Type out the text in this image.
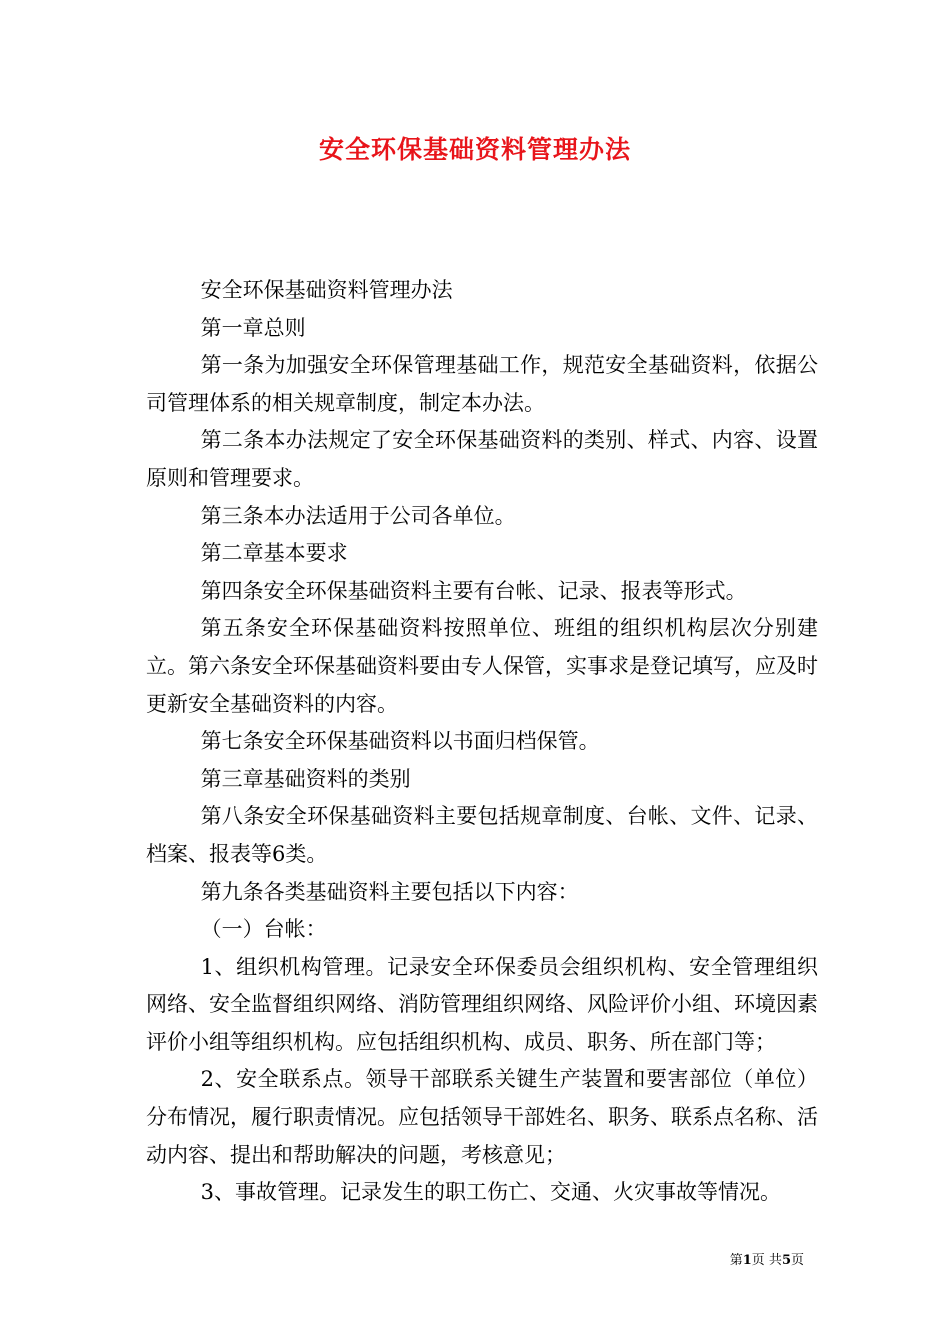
安全环保基础资料管理办法

安全环保基础资料管理办法

第一章总则

第一条为加强安全环保管理基础工作，规范安全基础资料，依据公司管理体系的相关规章制度，制定本办法。

第二条本办法规定了安全环保基础资料的类别、样式、内容、设置原则和管理要求。

第三条本办法适用于公司各单位。

第二章基本要求

第四条安全环保基础资料主要有台帐、记录、报表等形式。

第五条安全环保基础资料按照单位、班组的组织机构层次分别建立。第六条安全环保基础资料要由专人保管，实事求是登记填写，应及时更新安全基础资料的内容。

第七条安全环保基础资料以书面归档保管。

第三章基础资料的类别

第八条安全环保基础资料主要包括规章制度、台帐、文件、记录、档案、报表等6类。

第九条各类基础资料主要包括以下内容：

（一）台帐：

1、组织机构管理。记录安全环保委员会组织机构、安全管理组织网络、安全监督组织网络、消防管理组织网络、风险评价小组、环境因素评价小组等组织机构。应包括组织机构、成员、职务、所在部门等；

2、安全联系点。领导干部联系关键生产装置和要害部位（单位）分布情况，履行职责情况。应包括领导干部姓名、职务、联系点名称、活动内容、提出和帮助解决的问题，考核意见；

3、事故管理。记录发生的职工伤亡、交通、火灾事故等情况。

第1页 共5页
